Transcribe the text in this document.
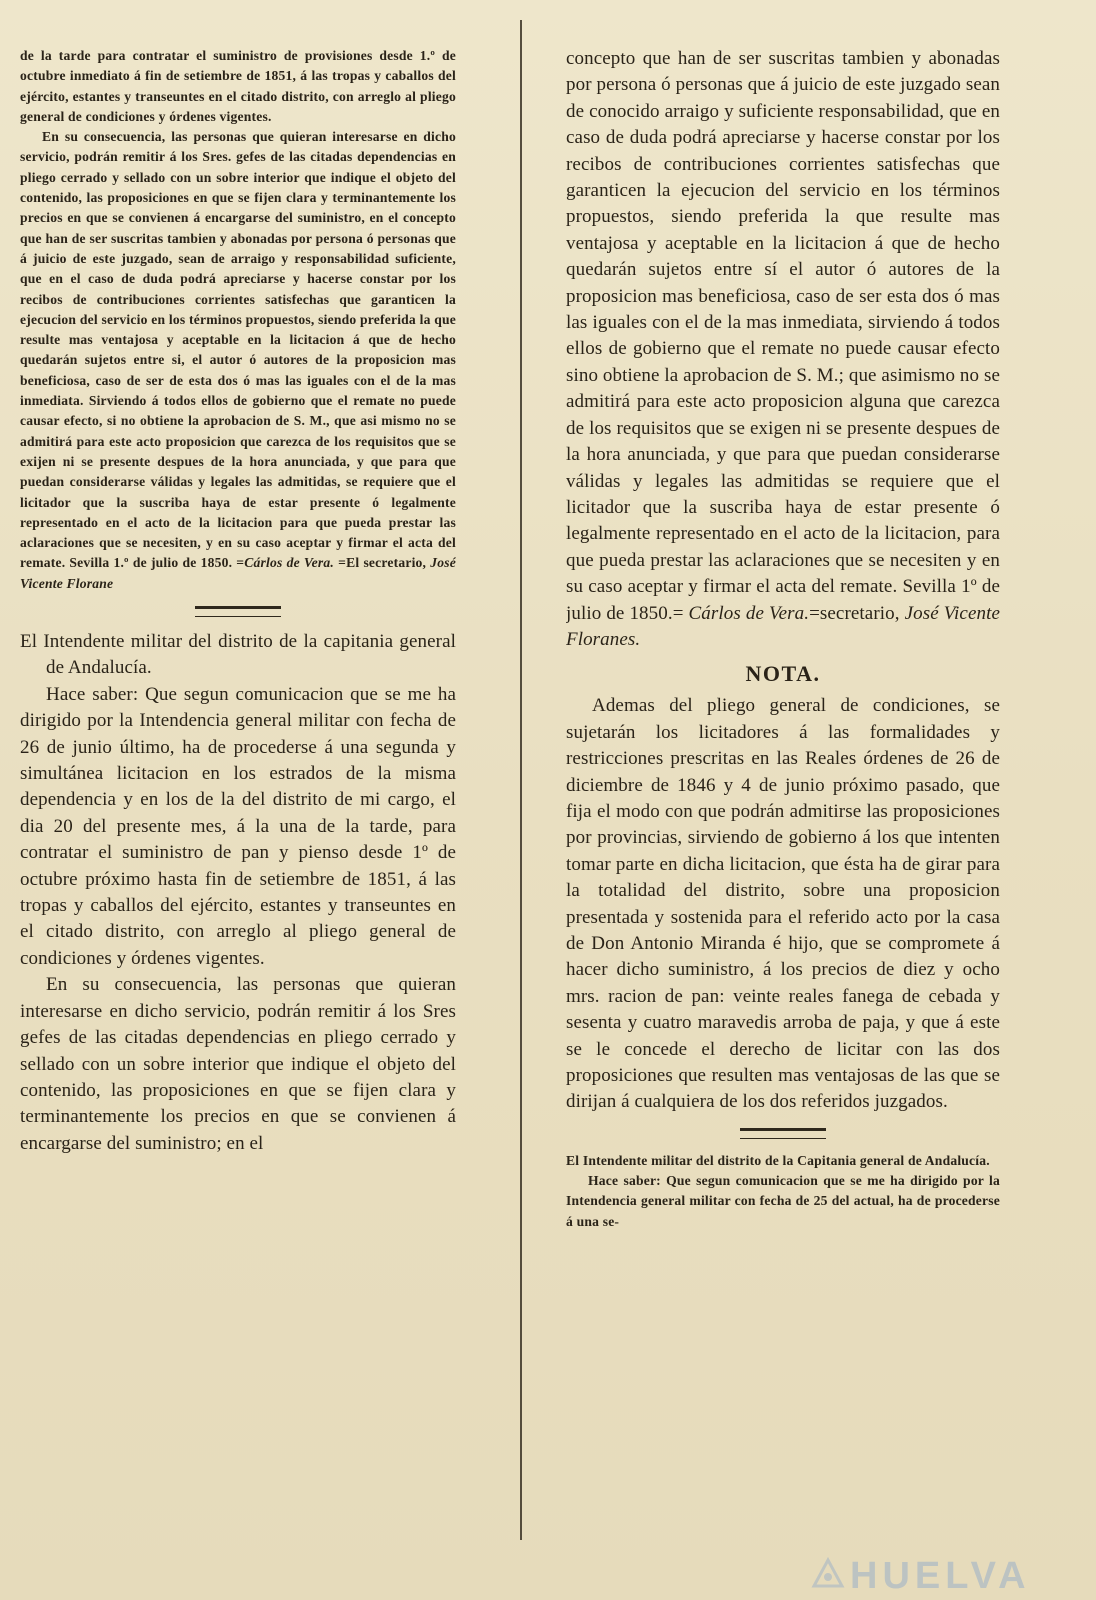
de la tarde para contratar el suministro de provisiones desde 1.º de octubre inmediato á fin de setiembre de 1851, á las tropas y caballos del ejército, estantes y transeuntes en el citado distrito, con arreglo al pliego general de condiciones y órdenes vigentes.

En su consecuencia, las personas que quieran interesarse en dicho servicio, podrán remitir á los Sres. gefes de las citadas dependencias en pliego cerrado y sellado con un sobre interior que indique el objeto del contenido, las proposiciones en que se fijen clara y terminantemente los precios en que se convienen á encargarse del suministro, en el concepto que han de ser suscritas tambien y abonadas por persona ó personas que á juicio de este juzgado, sean de arraigo y responsabilidad suficiente, que en el caso de duda podrá apreciarse y hacerse constar por los recibos de contribuciones corrientes satisfechas que garanticen la ejecucion del servicio en los términos propuestos, siendo preferida la que resulte mas ventajosa y aceptable en la licitacion á que de hecho quedarán sujetos entre si, el autor ó autores de la proposicion mas beneficiosa, caso de ser de esta dos ó mas las iguales con el de la mas inmediata. Sirviendo á todos ellos de gobierno que el remate no puede causar efecto, si no obtiene la aprobacion de S. M., que asi mismo no se admitirá para este acto proposicion que carezca de los requisitos que se exijen ni se presente despues de la hora anunciada, y que para que puedan considerarse válidas y legales las admitidas, se requiere que el licitador que la suscriba haya de estar presente ó legalmente representado en el acto de la licitacion para que pueda prestar las aclaraciones que se necesiten, y en su caso aceptar y firmar el acta del remate. Sevilla 1.º de julio de 1850. =Cárlos de Vera. =El secretario, José Vicente Florane

El Intendente militar del distrito de la capitania general de Andalucía.

Hace saber: Que segun comunicacion que se me ha dirigido por la Intendencia general militar con fecha de 26 de junio último, ha de procederse á una segunda y simultánea licitacion en los estrados de la misma dependencia y en los de la del distrito de mi cargo, el dia 20 del presente mes, á la una de la tarde, para contratar el suministro de pan y pienso desde 1º de octubre próximo hasta fin de setiembre de 1851, á las tropas y caballos del ejército, estantes y transeuntes en el citado distrito, con arreglo al pliego general de condiciones y órdenes vigentes.

En su consecuencia, las personas que quieran interesarse en dicho servicio, podrán remitir á los Sres gefes de las citadas dependencias en pliego cerrado y sellado con un sobre interior que indique el objeto del contenido, las proposiciones en que se fijen clara y terminantemente los precios en que se convienen á encargarse del suministro; en el

concepto que han de ser suscritas tambien y abonadas por persona ó personas que á juicio de este juzgado sean de conocido arraigo y suficiente responsabilidad, que en caso de duda podrá apreciarse y hacerse constar por los recibos de contribuciones corrientes satisfechas que garanticen la ejecucion del servicio en los términos propuestos, siendo preferida la que resulte mas ventajosa y aceptable en la licitacion á que de hecho quedarán sujetos entre sí el autor ó autores de la proposicion mas beneficiosa, caso de ser esta dos ó mas las iguales con el de la mas inmediata, sirviendo á todos ellos de gobierno que el remate no puede causar efecto sino obtiene la aprobacion de S. M.; que asimismo no se admitirá para este acto proposicion alguna que carezca de los requisitos que se exigen ni se presente despues de la hora anunciada, y que para que puedan considerarse válidas y legales las admitidas se requiere que el licitador que la suscriba haya de estar presente ó legalmente representado en el acto de la licitacion, para que pueda prestar las aclaraciones que se necesiten y en su caso aceptar y firmar el acta del remate. Sevilla 1º de julio de 1850.= Cárlos de Vera.=secretario, José Vicente Floranes.

NOTA.

Ademas del pliego general de condiciones, se sujetarán los licitadores á las formalidades y restricciones prescritas en las Reales órdenes de 26 de diciembre de 1846 y 4 de junio próximo pasado, que fija el modo con que podrán admitirse las proposiciones por provincias, sirviendo de gobierno á los que intenten tomar parte en dicha licitacion, que ésta ha de girar para la totalidad del distrito, sobre una proposicion presentada y sostenida para el referido acto por la casa de Don Antonio Miranda é hijo, que se compromete á hacer dicho suministro, á los precios de diez y ocho mrs. racion de pan: veinte reales fanega de cebada y sesenta y cuatro maravedis arroba de paja, y que á este se le concede el derecho de licitar con las dos proposiciones que resulten mas ventajosas de las que se dirijan á cualquiera de los dos referidos juzgados.

El Intendente militar del distrito de la Capitania general de Andalucía.

Hace saber: Que segun comunicacion que se me ha dirigido por la Intendencia general militar con fecha de 25 del actual, ha de procederse á una se-

HUELVA
